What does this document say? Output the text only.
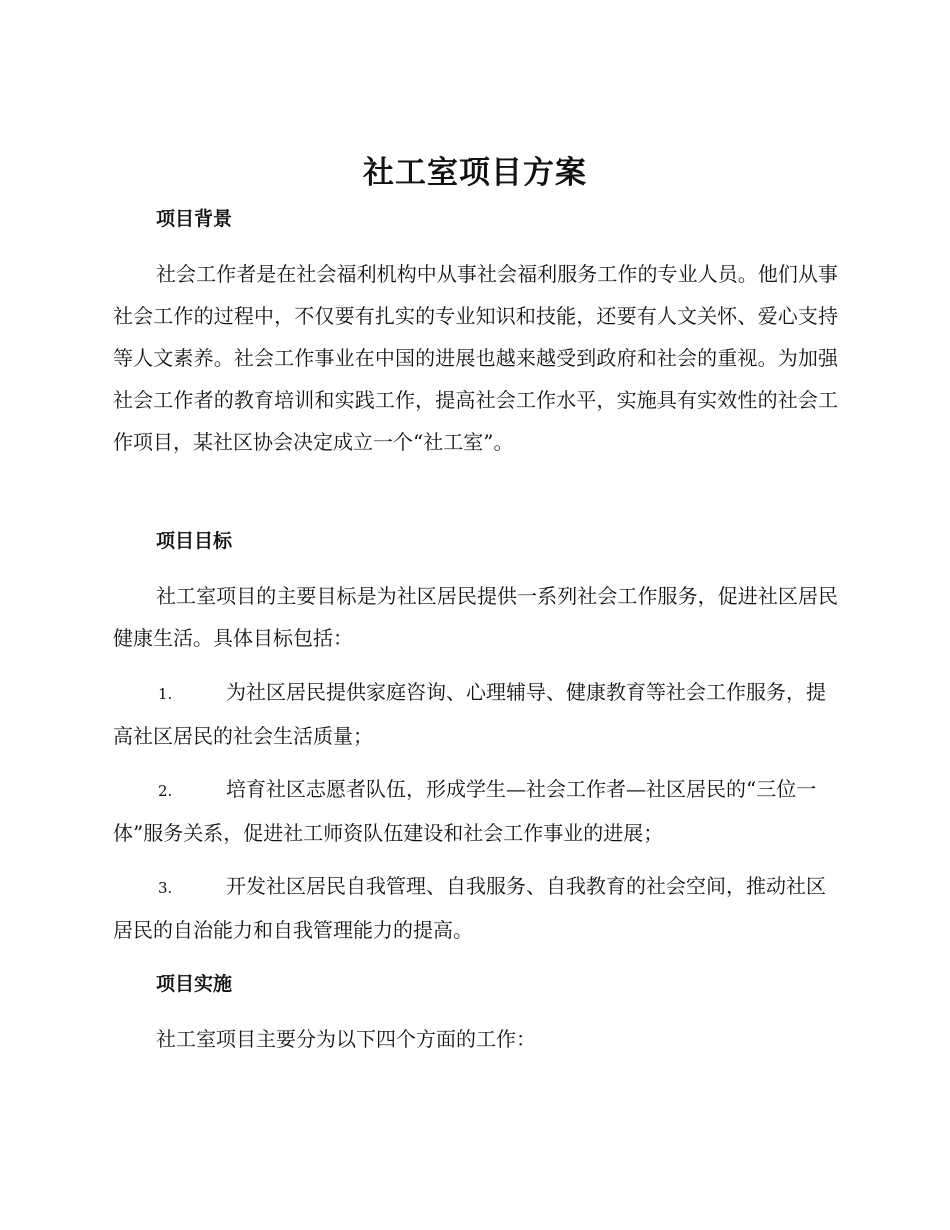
社工室项目方案
项目背景

社会工作者是在社会福利机构中从事社会福利服务工作的专业人员。他们从事社会工作的过程中，不仅要有扎实的专业知识和技能，还要有人文关怀、爱心支持等人文素养。社会工作事业在中国的进展也越来越受到政府和社会的重视。为加强社会工作者的教育培训和实践工作，提高社会工作水平，实施具有实效性的社会工作项目，某社区协会决定成立一个“社工室”。

项目目标

社工室项目的主要目标是为社区居民提供一系列社会工作服务，促进社区居民健康生活。具体目标包括：

1.	为社区居民提供家庭咨询、心理辅导、健康教育等社会工作服务，提高社区居民的社会生活质量；

2.	培育社区志愿者队伍，形成学生—社会工作者—社区居民的“三位一体”服务关系，促进社工师资队伍建设和社会工作事业的进展；

3.	开发社区居民自我管理、自我服务、自我教育的社会空间，推动社区居民的自治能力和自我管理能力的提高。

项目实施

社工室项目主要分为以下四个方面的工作：
